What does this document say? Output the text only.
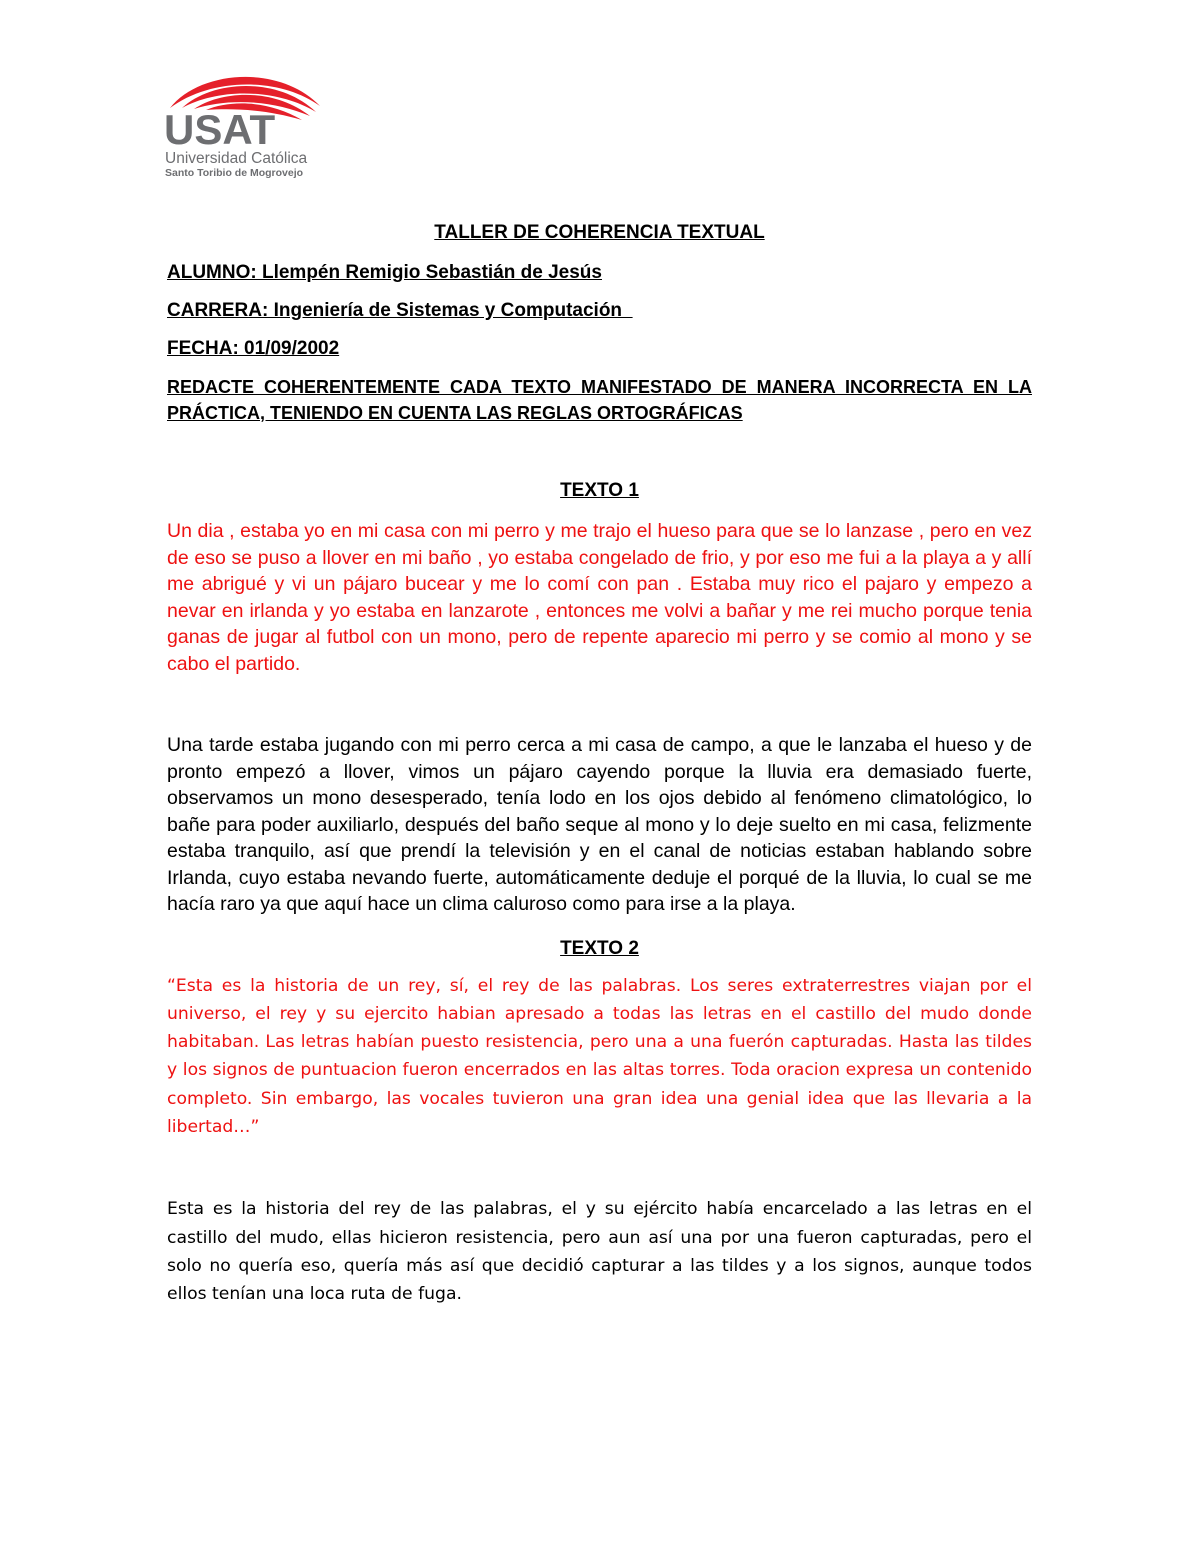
USAT
Universidad Católica
Santo Toribio de Mogrovejo
TALLER DE COHERENCIA TEXTUAL
ALUMNO: Llempén Remigio Sebastián de Jesús
CARRERA: Ingeniería de Sistemas y Computación
FECHA: 01/09/2002
REDACTE COHERENTEMENTE CADA TEXTO MANIFESTADO DE MANERA INCORRECTA EN LA PRÁCTICA, TENIENDO EN CUENTA LAS REGLAS ORTOGRÁFICAS
TEXTO 1

Un dia , estaba yo en mi casa con mi perro y me trajo el hueso para que se lo lanzase , pero en vez de eso se puso a llover en mi baño , yo estaba congelado de frio, y por eso me fui a la playa a y allí me abrigué y vi un pájaro bucear y me lo comí con pan . Estaba muy rico el pajaro y empezo a nevar en irlanda y yo estaba en lanzarote , entonces me volvi a bañar y me rei mucho porque tenia ganas de jugar al futbol con un mono, pero de repente aparecio mi perro y se comio al mono y se cabo el partido.

Una tarde estaba jugando con mi perro cerca a mi casa de campo, a que le lanzaba el hueso y de pronto empezó a llover, vimos un pájaro cayendo porque la lluvia era demasiado fuerte, observamos un mono desesperado, tenía lodo en los ojos debido al fenómeno climatológico, lo bañe para poder auxiliarlo, después del baño seque al mono y lo deje suelto en mi casa, felizmente estaba tranquilo, así que prendí la televisión y en el canal de noticias estaban hablando sobre Irlanda, cuyo estaba nevando fuerte, automáticamente deduje el porqué de la lluvia, lo cual se me hacía raro ya que aquí hace un clima caluroso como para irse a la playa.

TEXTO 2

“Esta es la historia de un rey, sí, el rey de las palabras. Los seres extraterrestres viajan por el universo, el rey y su ejercito habian apresado a todas las letras en el castillo del mudo donde habitaban. Las letras habían puesto resistencia, pero una a una fuerón capturadas. Hasta las tildes y los signos de puntuacion fueron encerrados en las altas torres. Toda oracion expresa un contenido completo. Sin embargo, las vocales tuvieron una gran idea una genial idea que las llevaria a la libertad…”

Esta es la historia del rey de las palabras, el y su ejército había encarcelado a las letras en el castillo del mudo, ellas hicieron resistencia, pero aun así una por una fueron capturadas, pero el solo no quería eso, quería más así que decidió capturar a las tildes y a los signos, aunque todos ellos tenían una loca ruta de fuga.
